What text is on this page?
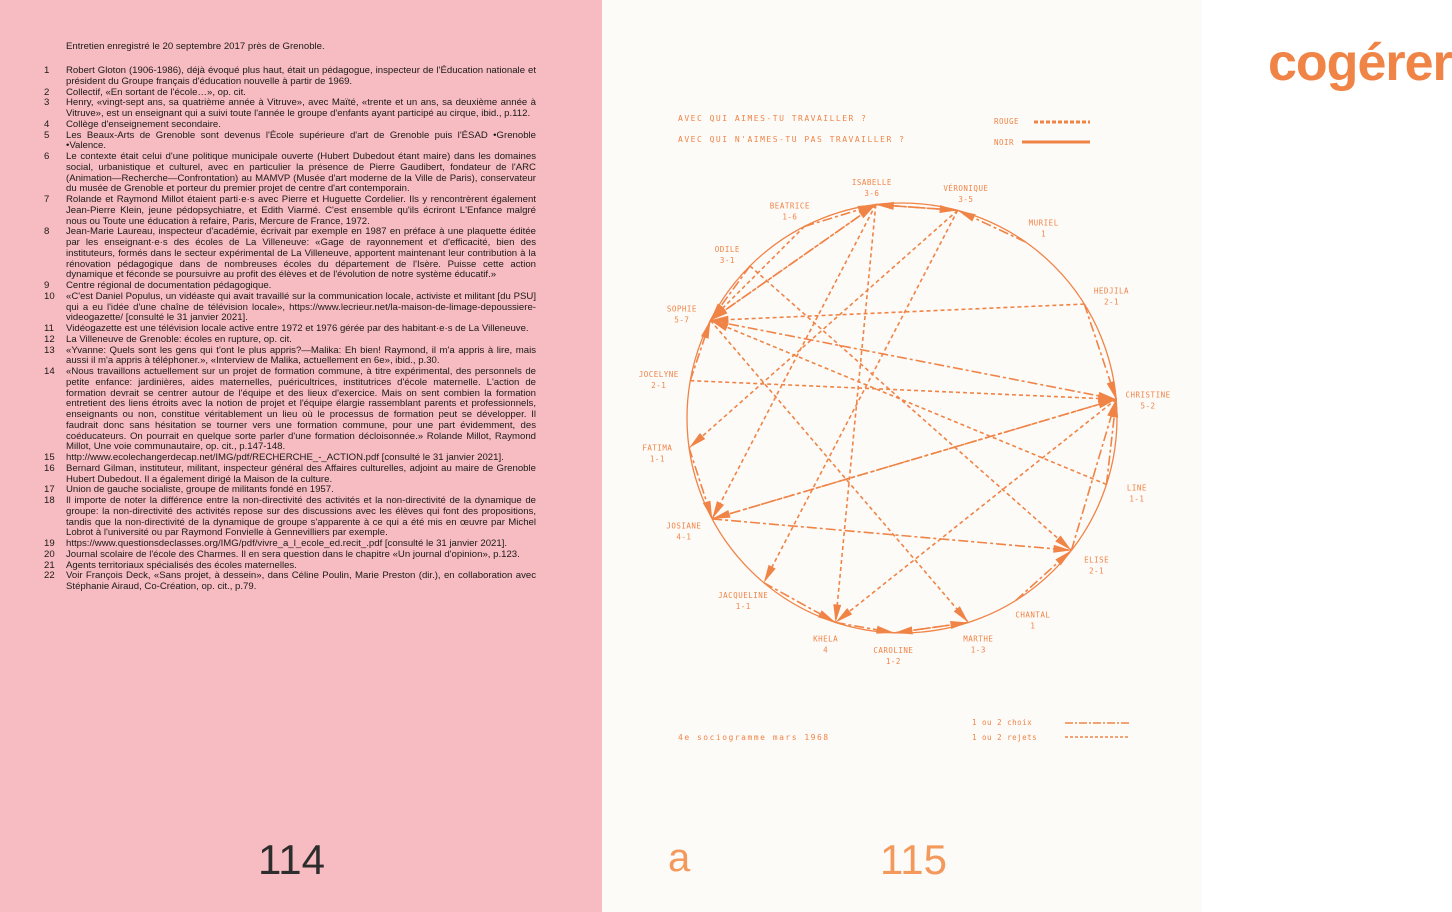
Entretien enregistré le 20 septembre 2017 près de Grenoble.
1	Robert Gloton (1906-1986), déjà évoqué plus haut, était un pédagogue, inspecteur de l'Éducation nationale et président du Groupe français d'éducation nouvelle à partir de 1969.
2	Collectif, «En sortant de l'école…», op. cit.
3	Henry, «vingt-sept ans, sa quatrième année à Vitruve», avec Maïté, «trente et un ans, sa deuxième année à Vitruve», est un enseignant qui a suivi toute l'année le groupe d'enfants ayant participé au cirque, ibid., p.112.
4	Collège d'enseignement secondaire.
5	Les Beaux-Arts de Grenoble sont devenus l'École supérieure d'art de Grenoble puis l'ÉSAD •Grenoble •Valence.
6	Le contexte était celui d'une politique municipale ouverte (Hubert Dubedout étant maire) dans les domaines social, urbanistique et culturel, avec en particulier la présence de Pierre Gaudibert, fondateur de l'ARC (Animation—Recherche—Confrontation) au MAMVP (Musée d'art moderne de la Ville de Paris), conservateur du musée de Grenoble et porteur du premier projet de centre d'art contemporain.
7	Rolande et Raymond Millot étaient parti·e·s avec Pierre et Huguette Cordelier. Ils y rencontrèrent également Jean-Pierre Klein, jeune pédopsychiatre, et Edith Viarmé. C'est ensemble qu'ils écriront L'Enfance malgré nous ou Toute une éducation à refaire, Paris, Mercure de France, 1972.
8	Jean-Marie Laureau, inspecteur d'académie, écrivait par exemple en 1987 en préface à une plaquette éditée par les enseignant·e·s des écoles de La Villeneuve: «Gage de rayonnement et d'efficacité, bien des instituteurs, formés dans le secteur expérimental de La Villeneuve, apportent maintenant leur contribution à la rénovation pédagogique dans de nombreuses écoles du département de l'Isère. Puisse cette action dynamique et féconde se poursuivre au profit des élèves et de l'évolution de notre système éducatif.»
9	Centre régional de documentation pédagogique.
10	«C'est Daniel Populus, un vidéaste qui avait travaillé sur la communication locale, activiste et militant [du PSU] qui a eu l'idée d'une chaîne de télévision locale», https://www.lecrieur.net/la-maison-de-limage-depoussiere-videogazette/ [consulté le 31 janvier 2021].
11	Vidéogazette est une télévision locale active entre 1972 et 1976 gérée par des habitant·e·s de La Villeneuve.
12	La Villeneuve de Grenoble: écoles en rupture, op. cit.
13	«Yvanne: Quels sont les gens qui t'ont le plus appris?—Malika: Eh bien! Raymond, il m'a appris à lire, mais aussi il m'a appris à téléphoner.», «Interview de Malika, actuellement en 6e», ibid., p.30.
14	«Nous travaillons actuellement sur un projet de formation commune, à titre expérimental, des personnels de petite enfance: jardinières, aides maternelles, puéricultrices, institutrices d'école maternelle. L'action de formation devrait se centrer autour de l'équipe et des lieux d'exercice. Mais on sent combien la formation entretient des liens étroits avec la notion de projet et l'équipe élargie rassemblant parents et professionnels, enseignants ou non, constitue véritablement un lieu où le processus de formation peut se développer. Il faudrait donc sans hésitation se tourner vers une formation commune, pour une part évidemment, des coéducateurs. On pourrait en quelque sorte parler d'une formation décloisonnée.» Rolande Millot, Raymond Millot, Une voie communautaire, op. cit., p.147-148.
15	http://www.ecolechangerdecap.net/IMG/pdf/RECHERCHE_-_ACTION.pdf [consulté le 31 janvier 2021].
16	Bernard Gilman, instituteur, militant, inspecteur général des Affaires culturelles, adjoint au maire de Grenoble Hubert Dubedout. Il a également dirigé la Maison de la culture.
17	Union de gauche socialiste, groupe de militants fondé en 1957.
18	Il importe de noter la différence entre la non-directivité des activités et la non-directivité de la dynamique de groupe: la non-directivité des activités repose sur des discussions avec les élèves qui font des propositions, tandis que la non-directivité de la dynamique de groupe s'apparente à ce qui a été mis en œuvre par Michel Lobrot à l'université ou par Raymond Fonvielle à Gennevilliers par exemple.
19	https://www.questionsdeclasses.org/IMG/pdf/vivre_a_l_ecole_ed.recit_.pdf [consulté le 31 janvier 2021].
20	Journal scolaire de l'école des Charmes. Il en sera question dans le chapitre «Un journal d'opinion», p.123.
21	Agents territoriaux spécialisés des écoles maternelles.
22	Voir François Deck, «Sans projet, à dessein», dans Céline Poulin, Marie Preston (dir.), en collaboration avec Stéphanie Airaud, Co-Création, op. cit., p.79.
114
cogérer
AVEC QUI AIMES-TU TRAVAILLER ?
AVEC QUI N'AIMES-TU PAS TRAVAILLER ?
ROUGE
NOIR
ISABELLE
3-6
VÉRONIQUE
3-5
MURIEL
1
HEDJILA
2-1
CHRISTINE
5-2
LINE
1-1
ELISE
2-1
CHANTAL
1
MARTHE
1-3
CAROLINE
1-2
KHELA
4
JACQUELINE
1-1
JOSIANE
4-1
FATIMA
1-1
JOCELYNE
2-1
SOPHIE
5-7
ODILE
3-1
BEATRICE
1-6
4e sociogramme mars 1968
1 ou 2 choix
1 ou 2 rejets
a	115
